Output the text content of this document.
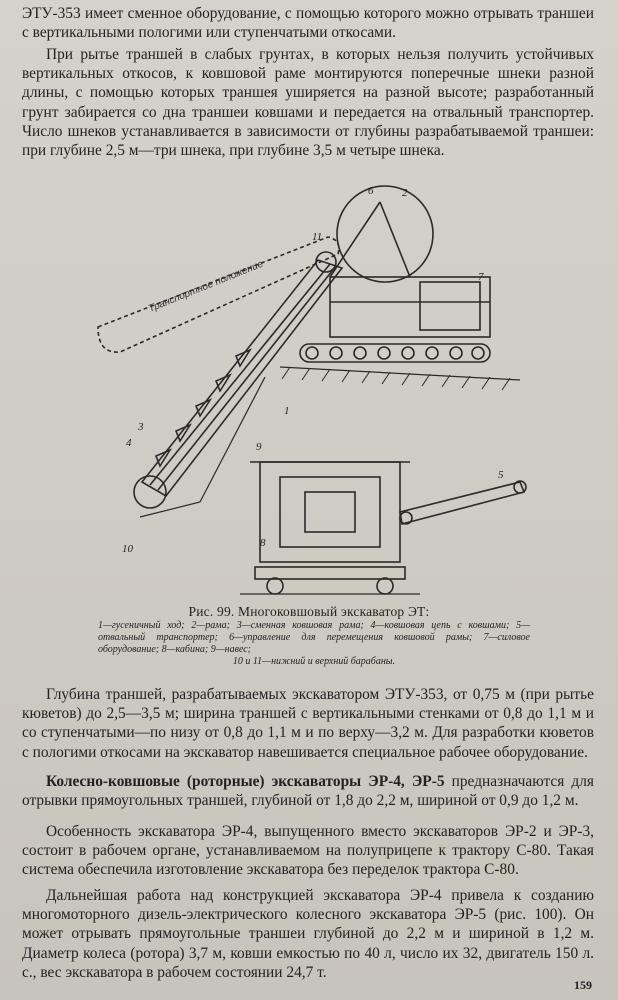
ЭТУ-353 имеет сменное оборудование, с помощью которого можно отрывать траншеи с вертикальными пологими или ступенчатыми откосами.

При рытье траншей в слабых грунтах, в которых нельзя получить устойчивых вертикальных откосов, к ковшовой раме монтируются поперечные шнеки разной длины, с помощью которых траншея уширяется на разной высоте; разработанный грунт забирается со дна траншеи ковшами и передается на отвальный транспортер. Число шнеков устанавливается в зависимости от глубины разрабатываемой траншеи: при глубине 2,5 м—три шнека, при глубине 3,5 м четыре шнека.

Транспортное положение
6	2
11
7
3
4
1
10
9
5
8
Рис. 99. Многоковшовый экскаватор ЭТ:
1—гусеничный ход; 2—рама; 3—сменная ковшовая рама; 4—ковшовая цепь с ковшами; 5—отвальный транспортер; 6—управление для перемещения ковшовой рамы; 7—силовое оборудование; 8—кабина; 9—навес;
10 и 11—нижний и верхний барабаны.

Глубина траншей, разрабатываемых экскаватором ЭТУ-353, от 0,75 м (при рытье кюветов) до 2,5—3,5 м; ширина траншей с вертикальными стенками от 0,8 до 1,1 м и со ступенчатыми—по низу от 0,8 до 1,1 м и по верху—3,2 м. Для разработки кюветов с пологими откосами на экскаватор навешивается специальное рабочее оборудование.

Колесно-ковшовые (роторные) экскаваторы ЭР-4, ЭР-5 предназначаются для отрывки прямоугольных траншей, глубиной от 1,8 до 2,2 м, шириной от 0,9 до 1,2 м.

Особенность экскаватора ЭР-4, выпущенного вместо экскаваторов ЭР-2 и ЭР-3, состоит в рабочем органе, устанавливаемом на полуприцепе к трактору С-80. Такая система обеспечила изготовление экскаватора без переделок трактора С-80.

Дальнейшая работа над конструкцией экскаватора ЭР-4 привела к созданию многомоторного дизель-электрического колесного экскаватора ЭР-5 (рис. 100). Он может отрывать прямоугольные траншеи глубиной до 2,2 м и шириной в 1,2 м. Диаметр колеса (ротора) 3,7 м, ковши емкостью по 40 л, число их 32, двигатель 150 л. с., вес экскаватора в рабочем состоянии 24,7 т.

159
